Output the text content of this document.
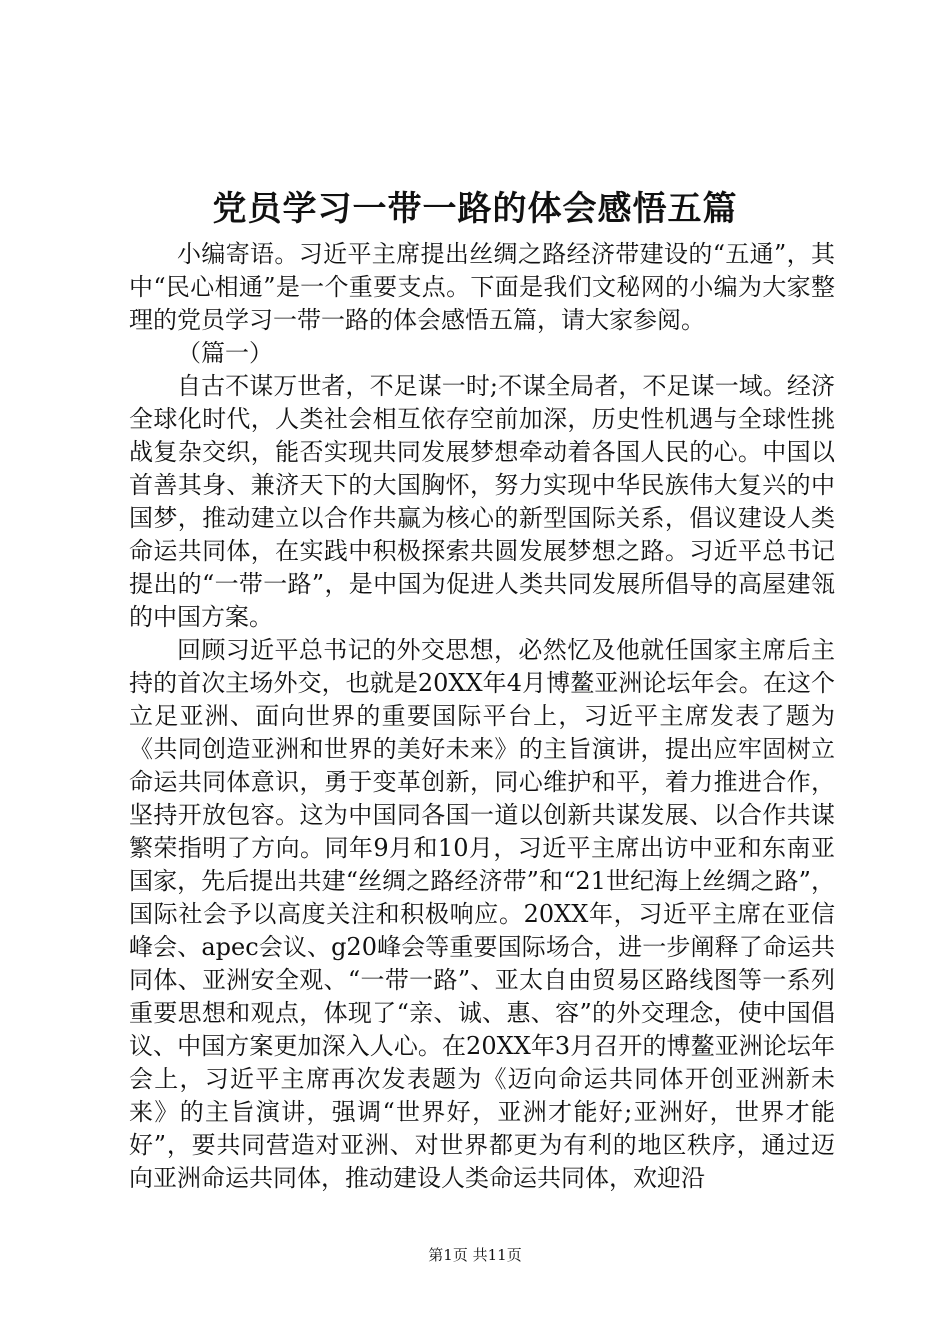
党员学习一带一路的体会感悟五篇

小编寄语。习近平主席提出丝绸之路经济带建设的“五通”，其中“民心相通”是一个重要支点。下面是我们文秘网的小编为大家整理的党员学习一带一路的体会感悟五篇，请大家参阅。

（篇一）

自古不谋万世者，不足谋一时;不谋全局者，不足谋一域。经济全球化时代，人类社会相互依存空前加深，历史性机遇与全球性挑战复杂交织，能否实现共同发展梦想牵动着各国人民的心。中国以首善其身、兼济天下的大国胸怀，努力实现中华民族伟大复兴的中国梦，推动建立以合作共赢为核心的新型国际关系，倡议建设人类命运共同体，在实践中积极探索共圆发展梦想之路。习近平总书记提出的“一带一路”，是中国为促进人类共同发展所倡导的高屋建瓴的中国方案。

回顾习近平总书记的外交思想，必然忆及他就任国家主席后主持的首次主场外交，也就是20XX年4月博鳌亚洲论坛年会。在这个立足亚洲、面向世界的重要国际平台上，习近平主席发表了题为《共同创造亚洲和世界的美好未来》的主旨演讲，提出应牢固树立命运共同体意识，勇于变革创新，同心维护和平，着力推进合作，坚持开放包容。这为中国同各国一道以创新共谋发展、以合作共谋繁荣指明了方向。同年9月和10月，习近平主席出访中亚和东南亚国家，先后提出共建“丝绸之路经济带”和“21世纪海上丝绸之路”，国际社会予以高度关注和积极响应。20XX年，习近平主席在亚信峰会、apec会议、g20峰会等重要国际场合，进一步阐释了命运共同体、亚洲安全观、“一带一路”、亚太自由贸易区路线图等一系列重要思想和观点，体现了“亲、诚、惠、容”的外交理念，使中国倡议、中国方案更加深入人心。在20XX年3月召开的博鳌亚洲论坛年会上，习近平主席再次发表题为《迈向命运共同体开创亚洲新未来》的主旨演讲，强调“世界好，亚洲才能好;亚洲好，世界才能好”，要共同营造对亚洲、对世界都更为有利的地区秩序，通过迈向亚洲命运共同体，推动建设人类命运共同体，欢迎沿

第1页 共11页
